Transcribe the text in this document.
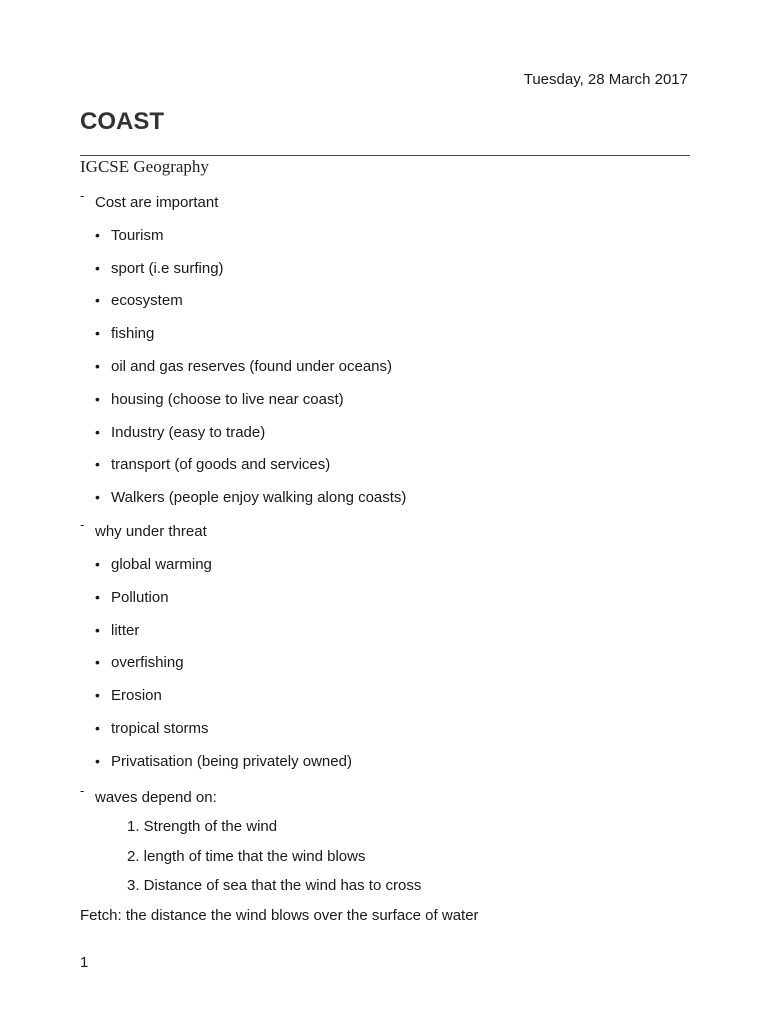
Tuesday, 28 March 2017
COAST
IGCSE Geography
- Cost are important
• Tourism
• sport (i.e surfing)
• ecosystem
• fishing
• oil and gas reserves (found under oceans)
• housing (choose to live near coast)
• Industry (easy to trade)
• transport (of goods and services)
• Walkers (people enjoy walking along coasts)
- why under threat
• global warming
• Pollution
• litter
• overfishing
• Erosion
• tropical storms
• Privatisation (being privately owned)
- waves depend on:
1. Strength of the wind
2. length of time that the wind blows
3. Distance of sea that the wind has to cross
Fetch: the distance the wind blows over the surface of water
1
